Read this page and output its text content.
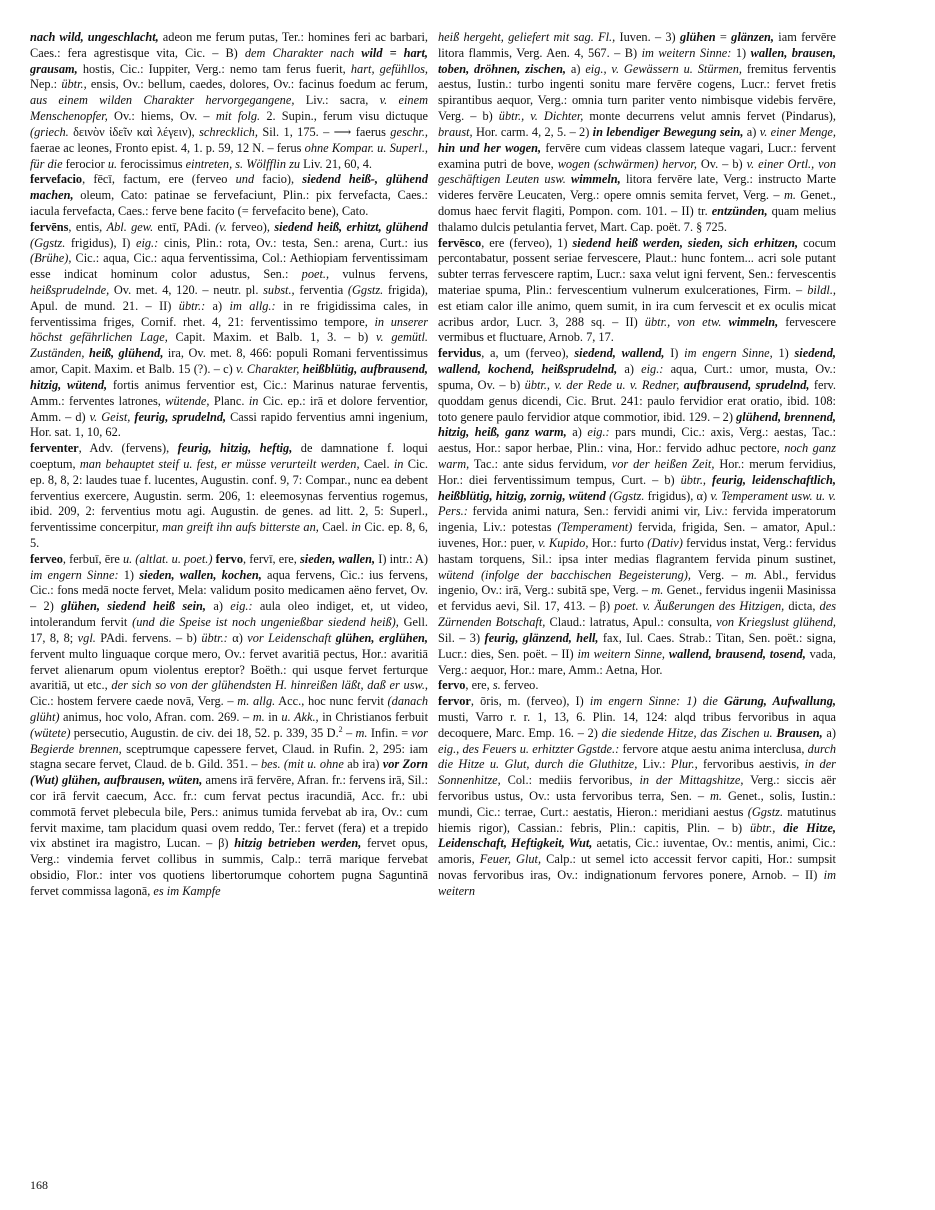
nach wild, ungeschlacht, adeon me ferum putas, Ter.: homines feri ac barbari, Caes.: fera agrestisque vita, Cic. – B) dem Charakter nach wild = hart, grausam, hostis, Cic.: Iuppiter, Verg.: nemo tam ferus fuerit, hart, gefühllos, Nep.: übtr., ensis, Ov.: bellum, caedes, dolores, Ov.: facinus foedum ac ferum, aus einem wilden Charakter hervorgegangene, Liv.: sacra, v. einem Menschenopfer, Ov.: hiems, Ov. – mit folg. 2. Supin., ferum visu dictuque (griech. δεινὸν ἰδεῖν καὶ λέγειν), schrecklich, Sil. 1, 175. – ⟶ faerus geschr., faerae ac leones, Fronto epist. 4, 1. p. 59, 12 N. – ferus ohne Kompar. u. Superl., für die ferocior u. ferocissimus eintreten, s. Wölfflin zu Liv. 21, 60, 4.

fervefacio, fēcī, factum, ere (ferveo und facio), siedend heiß-, glühend machen, oleum, Cato: patinae se fervefaciunt, Plin.: pix fervefacta, Caes.: iacula fervefacta, Caes.: ferve bene facito (= fervefacito bene), Cato.

fervēns, entis, Abl. gew. entī, PAdi. (v. ferveo), siedend heiß, erhitzt, glühend (Ggstz. frigidus), I) eig.: cinis, Plin.: rota, Ov.: testa, Sen.: arena, Curt.: ius (Brühe), Cic.: aqua, Cic.: aqua ferventissima, Col.: Aethiopiam ferventissimam esse indicat hominum color adustus, Sen.: poet., vulnus fervens, heißsprudelnde, Ov. met. 4, 120. – neutr. pl. subst., ferventia (Ggstz. frigida), Apul. de mund. 21. – II) übtr.: a) im allg.: in re frigidissima cales, in ferventissima friges, Cornif. rhet. 4, 21: ferventissimo tempore, in unserer höchst gefährlichen Lage, Capit. Maxim. et Balb. 1, 3. – b) v. gemütl. Zuständen, heiß, glühend, ira, Ov. met. 8, 466: populi Romani ferventissimus amor, Capit. Maxim. et Balb. 15 (?). – c) v. Charakter, heißblütig, aufbrausend, hitzig, wütend, fortis animus ferventior est, Cic.: Marinus naturae ferventis, Amm.: ferventes latrones, wütende, Planc. in Cic. ep.: irā et dolore ferventior, Amm. – d) v. Geist, feurig, sprudelnd, Cassi rapido ferventius amni ingenium, Hor. sat. 1, 10, 62.

ferventer, Adv. (fervens), feurig, hitzig, heftig, de damnatione f. loqui coeptum, man behauptet steif u. fest, er müsse verurteilt werden, Cael. in Cic. ep. 8, 8, 2: laudes tuae f. lucentes, Augustin. conf. 9, 7: Compar., nunc ea debent ferventius exercere, Augustin. serm. 206, 1: eleemosynas ferventius rogemus, ibid. 209, 2: ferventius motu agi. Augustin. de genes. ad litt. 2, 5: Superl., ferventissime concerpitur, man greift ihn aufs bitterste an, Cael. in Cic. ep. 8, 6, 5.

ferveo, ferbuī, ēre u. (altlat. u. poet.) fervo, fervī, ere, sieden, wallen, I) intr.: A) im engern Sinne: 1) sieden, wallen, kochen, aqua fervens, Cic.: ius fervens, Cic.: fons medā nocte fervet, Mela: validum posito medicamen aëno fervet, Ov. – 2) glühen, siedend heiß sein, a) eig.: aula oleo indiget, et, ut video, intolerandum fervit (und die Speise ist noch ungenießbar siedend heiß), Gell. 17, 8, 8; vgl. PAdi. fervens. – b) übtr.: α) vor Leidenschaft glühen, erglühen, fervent multo linguaque corque mero, Ov.: fervet avaritiā pectus, Hor.: avaritiā fervet alienarum opum violentus ereptor? Boëth.: qui usque fervet ferturque avaritiā, ut etc., der sich so von der glühendsten H. hinreißen läßt, daß er usw., Cic.: hostem fervere caede novā, Verg. – m. allg. Acc., hoc nunc fervit (danach glüht) animus, hoc volo, Afran. com. 269. – m. in u. Akk., in Christianos ferbuit (wütete) persecutio, Augustin. de civ. dei 18, 52. p. 339, 35 D.$^2$ – m. Infin. = vor Begierde brennen, sceptrumque capessere fervet, Claud. in Rufin. 2, 295: iam stagna secare fervet, Claud. de b. Gild. 351. – bes. (mit u. ohne ab ira) vor Zorn (Wut) glühen, aufbrausen, wüten, amens irā fervēre, Afran. fr.: fervens irā, Sil.: cor irā fervit caecum, Acc. fr.: cum fervat pectus iracundiā, Acc. fr.: ubi commotā fervet plebecula bile, Pers.: animus tumida fervebat ab ira, Ov.: cum fervit maxime, tam placidum quasi ovem reddo, Ter.: fervet (fera) et a trepido vix abstinet ira magistro, Lucan. – β) hitzig betrieben werden, fervet opus, Verg.: vindemia fervet collibus in summis, Calp.: terrā marique fervebat obsidio, Flor.: inter vos quotiens libertorumque cohortem pugna Saguntinā fervet commissa lagonā, es im Kampfe

heiß hergeht, geliefert mit sag. Fl., Iuven. – 3) glühen = glänzen, iam fervēre litora flammis, Verg. Aen. 4, 567. – B) im weitern Sinne: 1) wallen, brausen, toben, dröhnen, zischen, a) eig., v. Gewässern u. Stürmen, fremitus ferventis aestus, Iustin.: turbo ingenti sonitu mare fervēre cogens, Lucr.: fervet fretis spirantibus aequor, Verg.: omnia turn pariter vento nimbisque videbis fervēre, Verg. – b) übtr., v. Dichter, monte decurrens velut amnis fervet (Pindarus), braust, Hor. carm. 4, 2, 5. – 2) in lebendiger Bewegung sein, a) v. einer Menge, hin und her wogen, fervēre cum videas classem lateque vagari, Lucr.: fervent examina putri de bove, wogen (schwärmen) hervor, Ov. – b) v. einer Ortl., von geschäftigen Leuten usw. wimmeln, litora fervēre late, Verg.: instructo Marte videres fervēre Leucaten, Verg.: opere omnis semita fervet, Verg. – m. Genet., domus haec fervit flagiti, Pompon. com. 101. – II) tr. entzünden, quam melius thalamo dulcis petulantia fervet, Mart. Cap. poët. 7. § 725.

fervēsco, ere (ferveo), 1) siedend heiß werden, sieden, sich erhitzen, cocum percontabatur, possent seriae fervescere, Plaut.: hunc fontem... acri sole putant subter terras fervescere raptim, Lucr.: saxa velut igni fervent, Sen.: fervescentis materiae spuma, Plin.: fervescentium vulnerum exulcerationes, Firm. – bildl., est etiam calor ille animo, quem sumit, in ira cum fervescit et ex oculis micat acribus ardor, Lucr. 3, 288 sq. – II) übtr., von etw. wimmeln, fervescere vermibus et fluctuare, Arnob. 7, 17.

fervidus, a, um (ferveo), siedend, wallend, I) im engern Sinne, 1) siedend, wallend, kochend, heißsprudelnd, a) eig.: aqua, Curt.: umor, musta, Ov.: spuma, Ov. – b) übtr., v. der Rede u. v. Redner, aufbrausend, sprudelnd, ferv. quoddam genus dicendi, Cic. Brut. 241: paulo fervidior erat oratio, ibid. 108: toto genere paulo fervidior atque commotior, ibid. 129. – 2) glühend, brennend, hitzig, heiß, ganz warm, a) eig.: pars mundi, Cic.: axis, Verg.: aestas, Tac.: aestus, Hor.: sapor herbae, Plin.: vina, Hor.: fervido adhuc pectore, noch ganz warm, Tac.: ante sidus fervidum, vor der heißen Zeit, Hor.: merum fervidius, Hor.: diei ferventissimum tempus, Curt. – b) übtr., feurig, leidenschaftlich, heißblütig, hitzig, zornig, wütend (Ggstz. frigidus), α) v. Temperament usw. u. v. Pers.: fervida animi natura, Sen.: fervidi animi vir, Liv.: fervida imperatorum ingenia, Liv.: potestas (Temperament) fervida, frigida, Sen. – amator, Apul.: iuvenes, Hor.: puer, v. Kupido, Hor.: furto (Dativ) fervidus instat, Verg.: fervidus hastam torquens, Sil.: ipsa inter medias flagrantem fervida pinum sustinet, wütend (infolge der bacchischen Begeisterung), Verg. – m. Abl., fervidus ingenio, Ov.: irā, Verg.: subitā spe, Verg. – m. Genet., fervidus ingenii Masinissa et fervidus aevi, Sil. 17, 413. – β) poet. v. Äußerungen des Hitzigen, dicta, des Zürnenden Botschaft, Claud.: latratus, Apul.: consulta, von Kriegslust glühend, Sil. – 3) feurig, glänzend, hell, fax, Iul. Caes. Strab.: Titan, Sen. poët.: signa, Lucr.: dies, Sen. poët. – II) im weitern Sinne, wallend, brausend, tosend, vada, Verg.: aequor, Hor.: mare, Amm.: Aetna, Hor.

fervo, ere, s. ferveo.

fervor, ōris, m. (ferveo), I) im engern Sinne: 1) die Gärung, Aufwallung, musti, Varro r. r. 1, 13, 6. Plin. 14, 124: alqd tribus fervoribus in aqua decoquere, Marc. Emp. 16. – 2) die siedende Hitze, das Zischen u. Brausen, a) eig., des Feuers u. erhitzter Ggstde.: fervore atque aestu anima interclusa, durch die Hitze u. Glut, durch die Gluthitze, Liv.: Plur., fervoribus aestivis, in der Sonnenhitze, Col.: mediis fervoribus, in der Mittagshitze, Verg.: siccis aër fervoribus ustus, Ov.: usta fervoribus terra, Sen. – m. Genet., solis, Iustin.: mundi, Cic.: terrae, Curt.: aestatis, Hieron.: meridiani aestus (Ggstz. matutinus hiemis rigor), Cassian.: febris, Plin.: capitis, Plin. – b) übtr., die Hitze, Leidenschaft, Heftigkeit, Wut, aetatis, Cic.: iuventae, Ov.: mentis, animi, Cic.: amoris, Feuer, Glut, Calp.: ut semel icto accessit fervor capiti, Hor.: sumpsit novas fervoribus iras, Ov.: indignationum fervores ponere, Arnob. – II) im weitern

168
